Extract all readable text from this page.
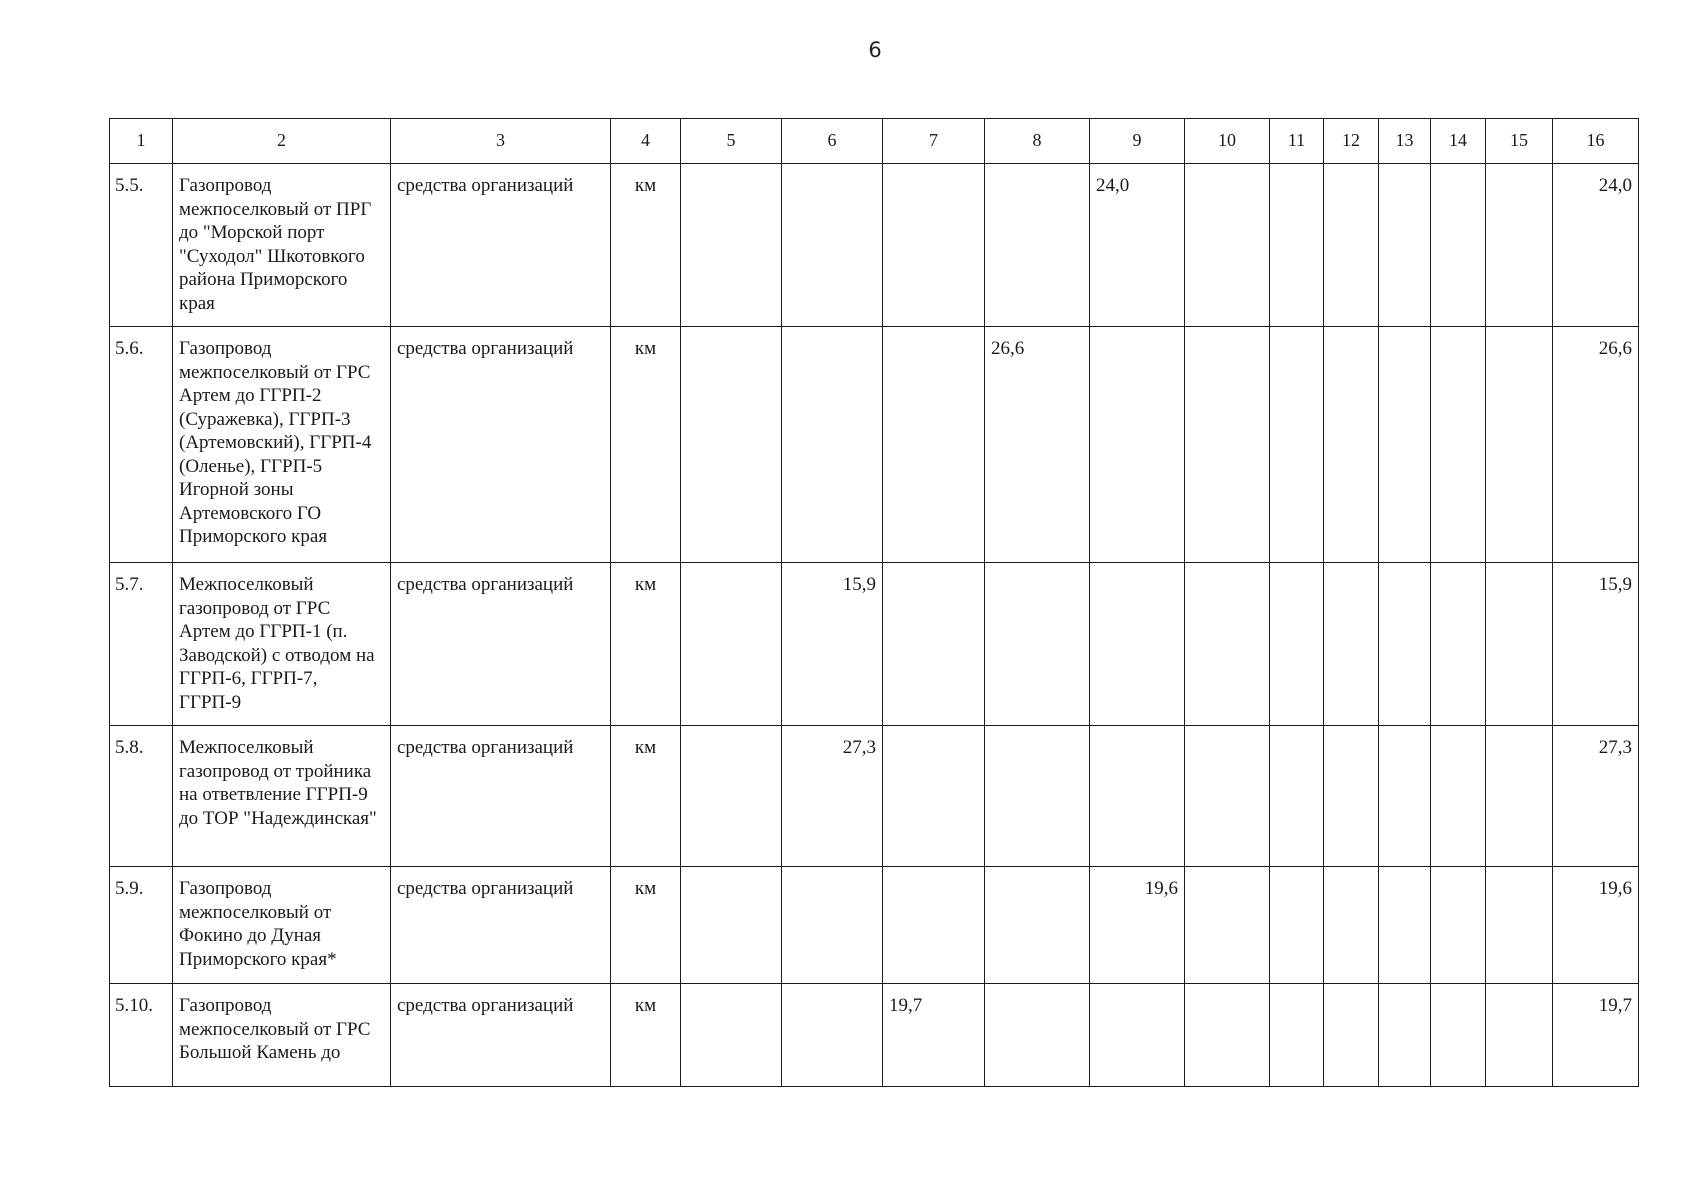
6
1	2	3	4	5	6	7	8	9	10	11	12	13	14	15	16

5.5.	Газопровод межпоселковый от ПРГ до "Морской порт "Суходол" Шкотовкого района Приморского края	средства организаций	км					24,0							24,0

5.6.	Газопровод межпоселковый от ГРС Артем до ГГРП-2 (Суражевка), ГГРП-3 (Артемовский), ГГРП-4 (Оленье), ГГРП-5 Игорной зоны Артемовского ГО Приморского края	средства организаций	км				26,6								26,6

5.7.	Межпоселковый газопровод от ГРС Артем до ГГРП-1 (п. Заводской) с отводом на ГГРП-6, ГГРП-7, ГГРП-9	средства организаций	км		15,9										15,9

5.8.	Межпоселковый газопровод от тройника на ответвление ГГРП-9 до ТОР "Надеждинская"	средства организаций	км		27,3										27,3

5.9.	Газопровод межпоселковый от Фокино до Дуная Приморского края*	средства организаций	км					19,6							19,6

5.10.	Газопровод межпоселковый от ГРС Большой Камень до	средства организаций	км			19,7									19,7
